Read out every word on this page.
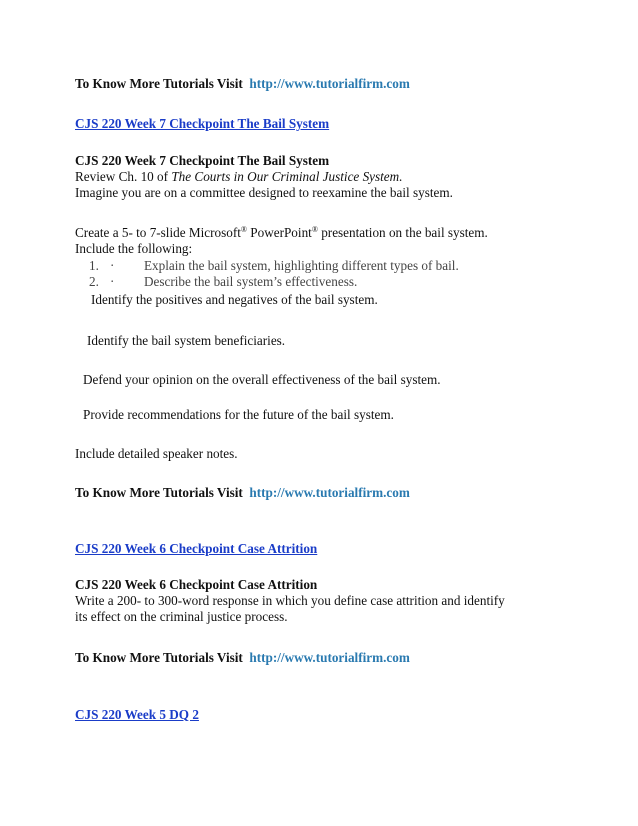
To Know More Tutorials Visit http://www.tutorialfirm.com
CJS 220 Week 7 Checkpoint The Bail System
CJS 220 Week 7 Checkpoint The Bail System
Review Ch. 10 of The Courts in Our Criminal Justice System.
Imagine you are on a committee designed to reexamine the bail system.
Create a 5- to 7-slide Microsoft® PowerPoint® presentation on the bail system.
Include the following:
1. · Explain the bail system, highlighting different types of bail.
2. · Describe the bail system’s effectiveness.
Identify the positives and negatives of the bail system.
Identify the bail system beneficiaries.
Defend your opinion on the overall effectiveness of the bail system.
Provide recommendations for the future of the bail system.
Include detailed speaker notes.
To Know More Tutorials Visit http://www.tutorialfirm.com
CJS 220 Week 6 Checkpoint Case Attrition
CJS 220 Week 6 Checkpoint Case Attrition
Write a 200- to 300-word response in which you define case attrition and identify
its effect on the criminal justice process.
To Know More Tutorials Visit http://www.tutorialfirm.com
CJS 220 Week 5 DQ 2
